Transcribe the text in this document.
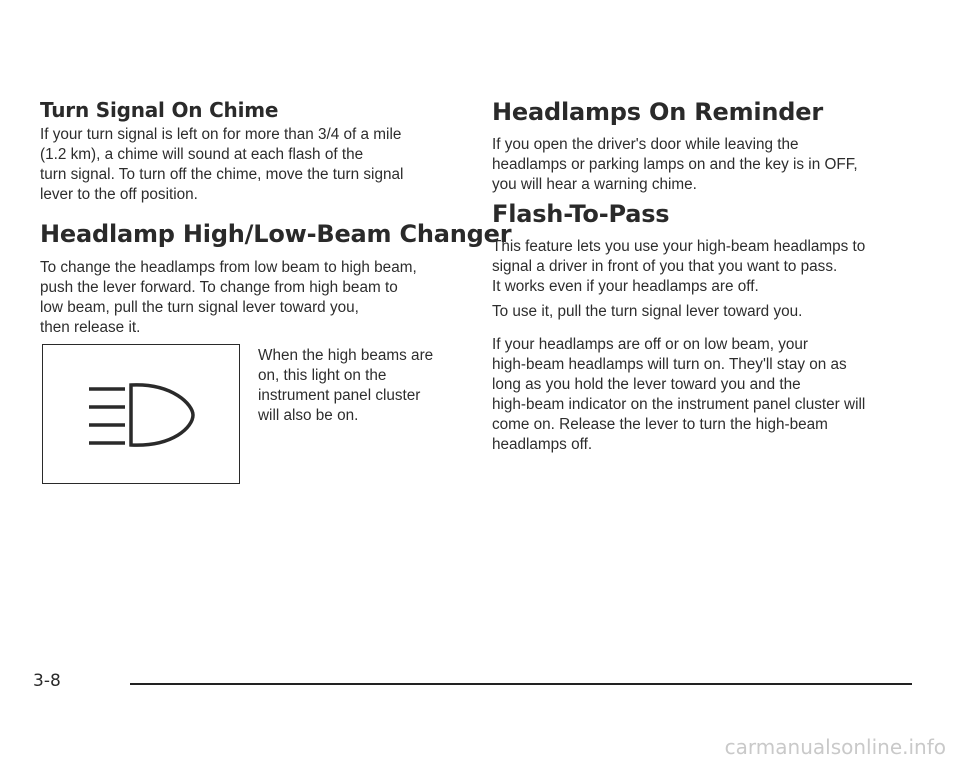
Turn Signal On Chime

If your turn signal is left on for more than 3/4 of a mile

(1.2 km), a chime will sound at each flash of the

turn signal. To turn off the chime, move the turn signal

lever to the off position.

Headlamp High/Low-Beam Changer

To change the headlamps from low beam to high beam,

push the lever forward. To change from high beam to

low beam, pull the turn signal lever toward you,

then release it.

When the high beams are

on, this light on the

instrument panel cluster

will also be on.

Headlamps On Reminder

If you open the driver's door while leaving the

headlamps or parking lamps on and the key is in OFF,

you will hear a warning chime.

Flash-To-Pass

This feature lets you use your high-beam headlamps to

signal a driver in front of you that you want to pass.

It works even if your headlamps are off.

To use it, pull the turn signal lever toward you.

If your headlamps are off or on low beam, your

high-beam headlamps will turn on. They'll stay on as

long as you hold the lever toward you and the

high-beam indicator on the instrument panel cluster will

come on. Release the lever to turn the high-beam

headlamps off.

3-8
carmanualsonline.info
